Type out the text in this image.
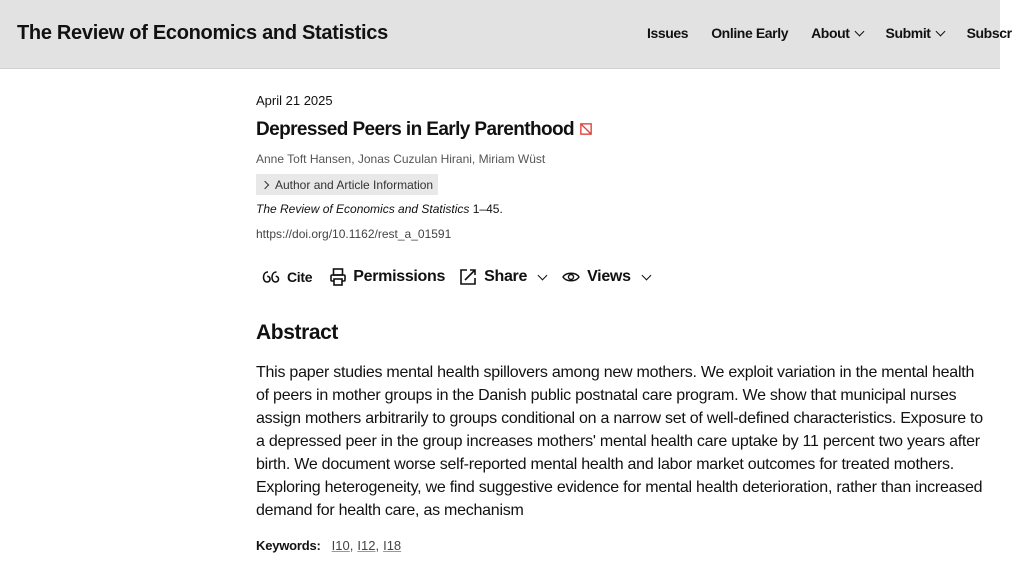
The Review of Economics and Statistics	Issues Online Early About	Submit	Subscr
April 21 2025
Depressed Peers in Early Parenthood
Anne Toft Hansen, Jonas Cuzulan Hirani, Miriam Wüst
Author and Article Information
The Review of Economics and Statistics 1–45.
https://doi.org/10.1162/rest_a_01591
Cite	Permissions Share	Views
Abstract
This paper studies mental health spillovers among new mothers. We exploit variation in the mental health of peers in mother groups in the Danish public postnatal care program. We show that municipal nurses assign mothers arbitrarily to groups conditional on a narrow set of well-defined characteristics. Exposure to a depressed peer in the group increases mothers' mental health care uptake by 11 percent two years after birth. We document worse self-reported mental health and labor market outcomes for treated mothers. Exploring heterogeneity, we find suggestive evidence for mental health deterioration, rather than increased demand for health care, as mechanism
Keywords: I10 , I12 , I18
